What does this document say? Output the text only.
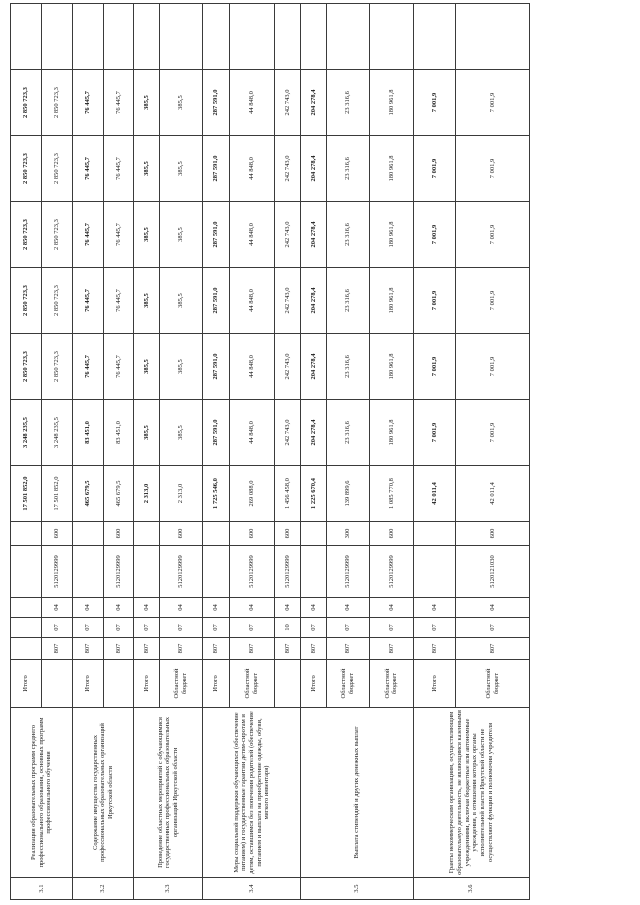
3.1	Реализация образовательных программ среднего профессионального образования, основных программ профессионального обучения	Итого						17 501 852,0	3 248 235,5	2 850 723,3	2 850 723,3	2 850 723,3	2 850 723,3	2 850 723,3	
			807	07	04	5120129999	600	17 501 852,0	3 248 235,5	2 850 723,3	2 850 723,3	2 850 723,3	2 850 723,3	2 850 723,3	
3.2	Содержание имущества государственных профессиональных образовательных организаций Иркутской области	Итого	807	07	04			465 679,5	83 451,0	76 445,7	76 445,7	76 445,7	76 445,7	76 445,7	
			807	07	04	5120129999	600	465 679,5	83 451,0	76 445,7	76 445,7	76 445,7	76 445,7	76 445,7	
3.3	Проведение областных мероприятий с обучающимися государственных профессиональных образовательных организаций Иркутской области	Итого	807	07	04			2 313,0	385,5	385,5	385,5	385,5	385,5	385,5	
		Областной бюджет	807	07	04	5120129999	600	2 313,0	385,5	385,5	385,5	385,5	385,5	385,5	
3.4	Меры социальной поддержки обучающихся (обеспечение питанием) и государственные гарантии детям-сиротам и детям, оставшимся без попечения родителей (обеспечение питанием и выплата на приобретение одежды, обуви, мягкого инвентаря)	Итого	807	07	04			1 725 546,0	287 591,0	287 591,0	287 591,0	287 591,0	287 591,0	287 591,0	
		Областной бюджет	807	07	04	5120129999	600	269 088,0	44 848,0	44 848,0	44 848,0	44 848,0	44 848,0	44 848,0	
			807	10	04	5120129999	600	1 456 458,0	242 743,0	242 743,0	242 743,0	242 743,0	242 743,0	242 743,0	
3.5	Выплата стипендий и других денежных выплат	Итого	807	07	04			1 225 670,4	204 278,4	204 278,4	204 278,4	204 278,4	204 278,4	204 278,4	
		Областной бюджет	807	07	04	5120129999	300	139 899,6	23 316,6	23 316,6	23 316,6	23 316,6	23 316,6	23 316,6	
		Областной бюджет	807	07	04	5120129999	600	1 085 770,8	180 961,8	180 961,8	180 961,8	180 961,8	180 961,8	180 961,8	
3.6	Гранты некоммерческим организациям, осуществляющим образовательную деятельность, не являющимся казенными учреждениями, включая бюджетные или автономные учреждения, в отношении которых органы исполнительной власти Иркутской области не осуществляют функции и полномочия учредителя	Итого	807	07	04			42 011,4	7 001,9	7 001,9	7 001,9	7 001,9	7 001,9	7 001,9	
		Областной бюджет	807	07	04	5120121030	600	42 011,4	7 001,9	7 001,9	7 001,9	7 001,9	7 001,9	7 001,9	
